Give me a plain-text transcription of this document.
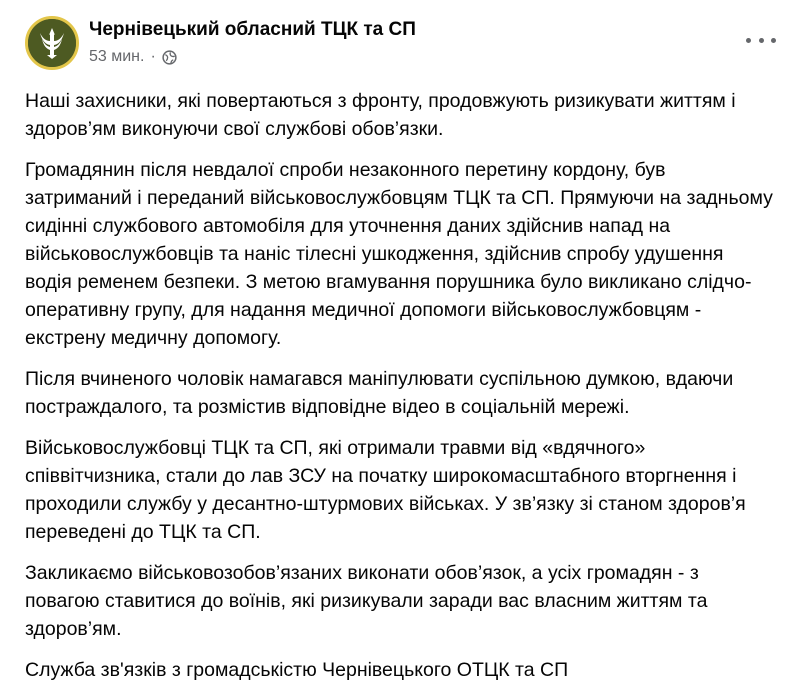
Чернівецький обласний ТЦК та СП
53 мин. ·

Наші захисники, які повертаються з фронту, продовжують ризикувати життям і здоров’ям виконуючи свої службові обов’язки.

Громадянин після невдалої спроби незаконного перетину кордону, був затриманий і переданий військовослужбовцям ТЦК та СП. Прямуючи на задньому сидінні службового автомобіля для уточнення даних здійснив напад на військовослужбовців та наніс тілесні ушкодження, здійснив спробу удушення водія ременем безпеки. З метою вгамування порушника було викликано слідчо-оперативну групу, для надання медичної допомоги військовослужбовцям - екстрену медичну допомогу.

Після вчиненого чоловік намагався маніпулювати суспільною думкою, вдаючи постраждалого, та розмістив відповідне відео в соціальній мережі.

Військовослужбовці ТЦК та СП, які отримали травми від «вдячного» співвітчизника, стали до лав ЗСУ на початку широкомасштабного вторгнення і проходили службу у десантно-штурмових військах. У зв’язку зі станом здоров’я переведені до ТЦК та СП.

Закликаємо військовозобов’язаних виконати обов’язок, а усіх громадян - з повагою ставитися до воїнів, які ризикували заради вас власним життям та здоров’ям.

Служба зв'язків з громадськістю Чернівецького ОТЦК та СП
